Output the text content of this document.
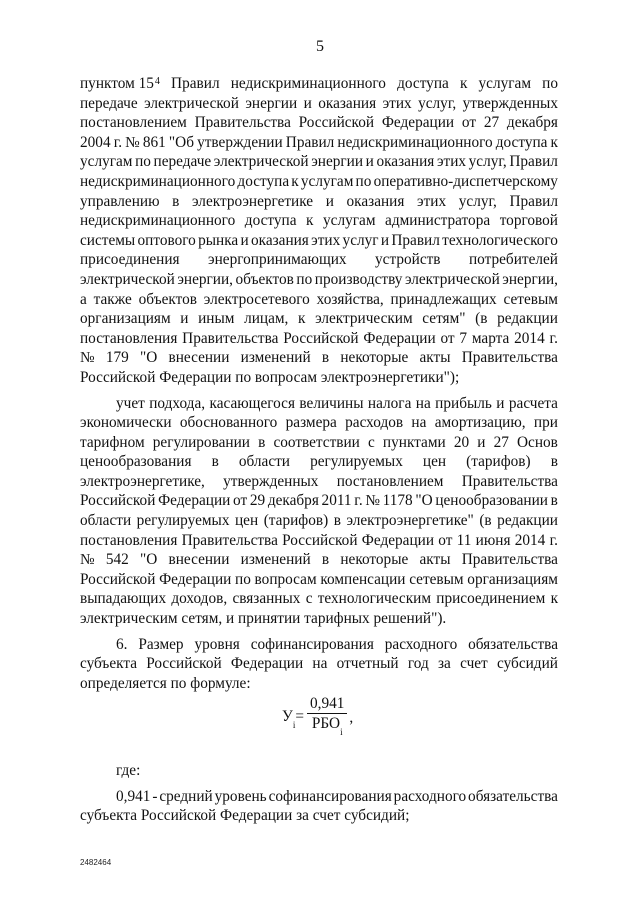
5
пунктом 15$^4$ Правил недискриминационного доступа к услугам по
передаче электрической энергии и оказания этих услуг, утвержденных
постановлением Правительства Российской Федерации от 27 декабря
2004 г. № 861 "Об утверждении Правил недискриминационного доступа к
услугам по передаче электрической энергии и оказания этих услуг, Правил
недискриминационного доступа к услугам по оперативно-диспетчерскому
управлению в электроэнергетике и оказания этих услуг, Правил
недискриминационного доступа к услугам администратора торговой
системы оптового рынка и оказания этих услуг и Правил технологического
присоединения энергопринимающих устройств потребителей
электрической энергии, объектов по производству электрической энергии,
а также объектов электросетевого хозяйства, принадлежащих сетевым
организациям и иным лицам, к электрическим сетям" (в редакции
постановления Правительства Российской Федерации от 7 марта 2014 г.
№ 179 "О внесении изменений в некоторые акты Правительства
Российской Федерации по вопросам электроэнергетики");
учет подхода, касающегося величины налога на прибыль и расчета
экономически обоснованного размера расходов на амортизацию, при
тарифном регулировании в соответствии с пунктами 20 и 27 Основ
ценообразования в области регулируемых цен (тарифов) в
электроэнергетике, утвержденных постановлением Правительства
Российской Федерации от 29 декабря 2011 г. № 1178 "О ценообразовании в
области регулируемых цен (тарифов) в электроэнергетике" (в редакции
постановления Правительства Российской Федерации от 11 июня 2014 г.
№ 542 "О внесении изменений в некоторые акты Правительства
Российской Федерации по вопросам компенсации сетевым организациям
выпадающих доходов, связанных с технологическим присоединением к
электрическим сетям, и принятии тарифных решений").
6. Размер уровня софинансирования расходного обязательства
субъекта Российской Федерации на отчетный год за счет субсидий
определяется по формуле:
$У_i= \frac{0,941}{РБО_i}$ ,
где:
0,941 - средний уровень софинансирования расходного обязательства
субъекта Российской Федерации за счет субсидий;
2482464
